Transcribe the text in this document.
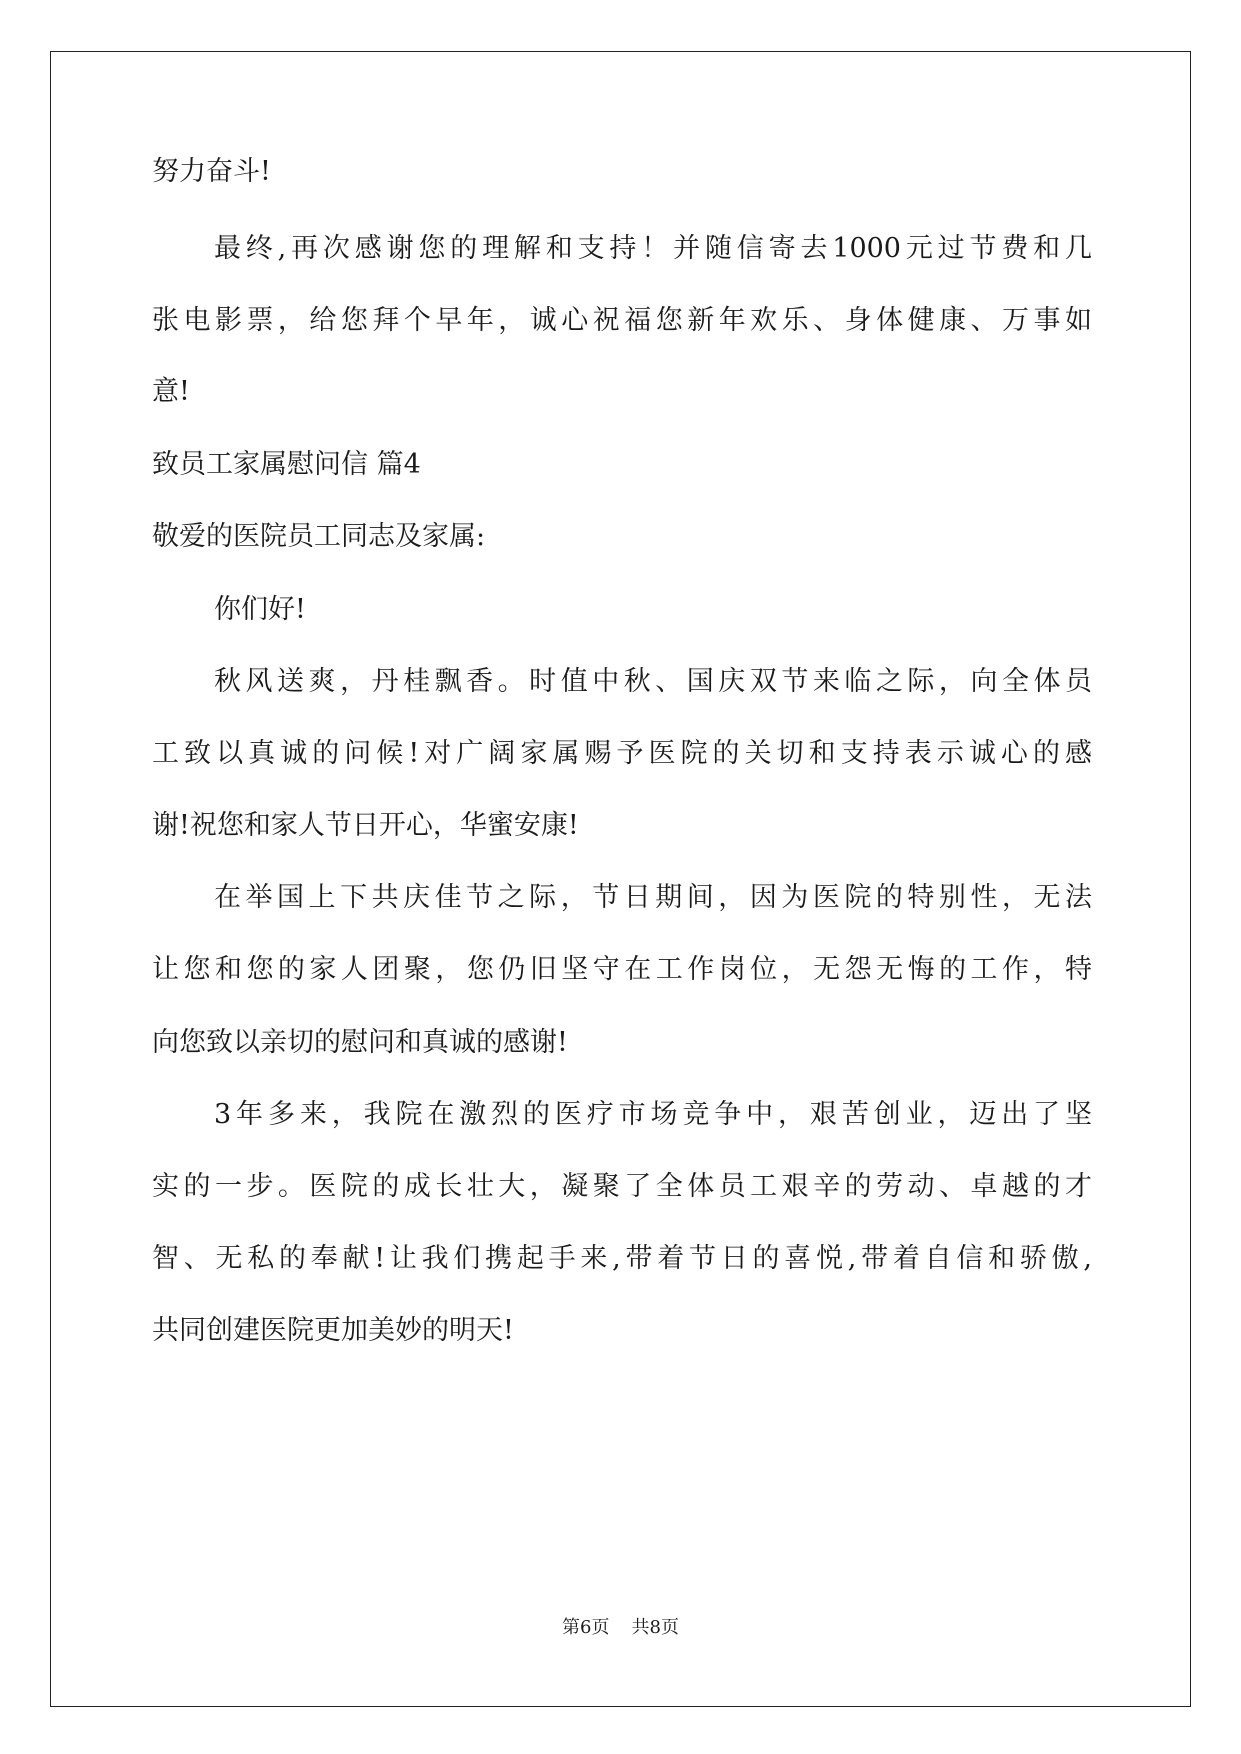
努力奋斗!
最终,再次感谢您的理解和支持！并随信寄去1000元过节费和几
张电影票，给您拜个早年，诚心祝福您新年欢乐、身体健康、万事如
意!
致员工家属慰问信 篇4
敬爱的医院员工同志及家属:
你们好!
秋风送爽，丹桂飘香。时值中秋、国庆双节来临之际，向全体员
工致以真诚的问候!对广阔家属赐予医院的关切和支持表示诚心的感
谢!祝您和家人节日开心，华蜜安康!
在举国上下共庆佳节之际，节日期间，因为医院的特别性，无法
让您和您的家人团聚，您仍旧坚守在工作岗位，无怨无悔的工作，特
向您致以亲切的慰问和真诚的感谢!
3年多来，我院在激烈的医疗市场竞争中，艰苦创业，迈出了坚
实的一步。医院的成长壮大，凝聚了全体员工艰辛的劳动、卓越的才
智、无私的奉献!让我们携起手来,带着节日的喜悦,带着自信和骄傲,
共同创建医院更加美妙的明天!
第6页 共8页
